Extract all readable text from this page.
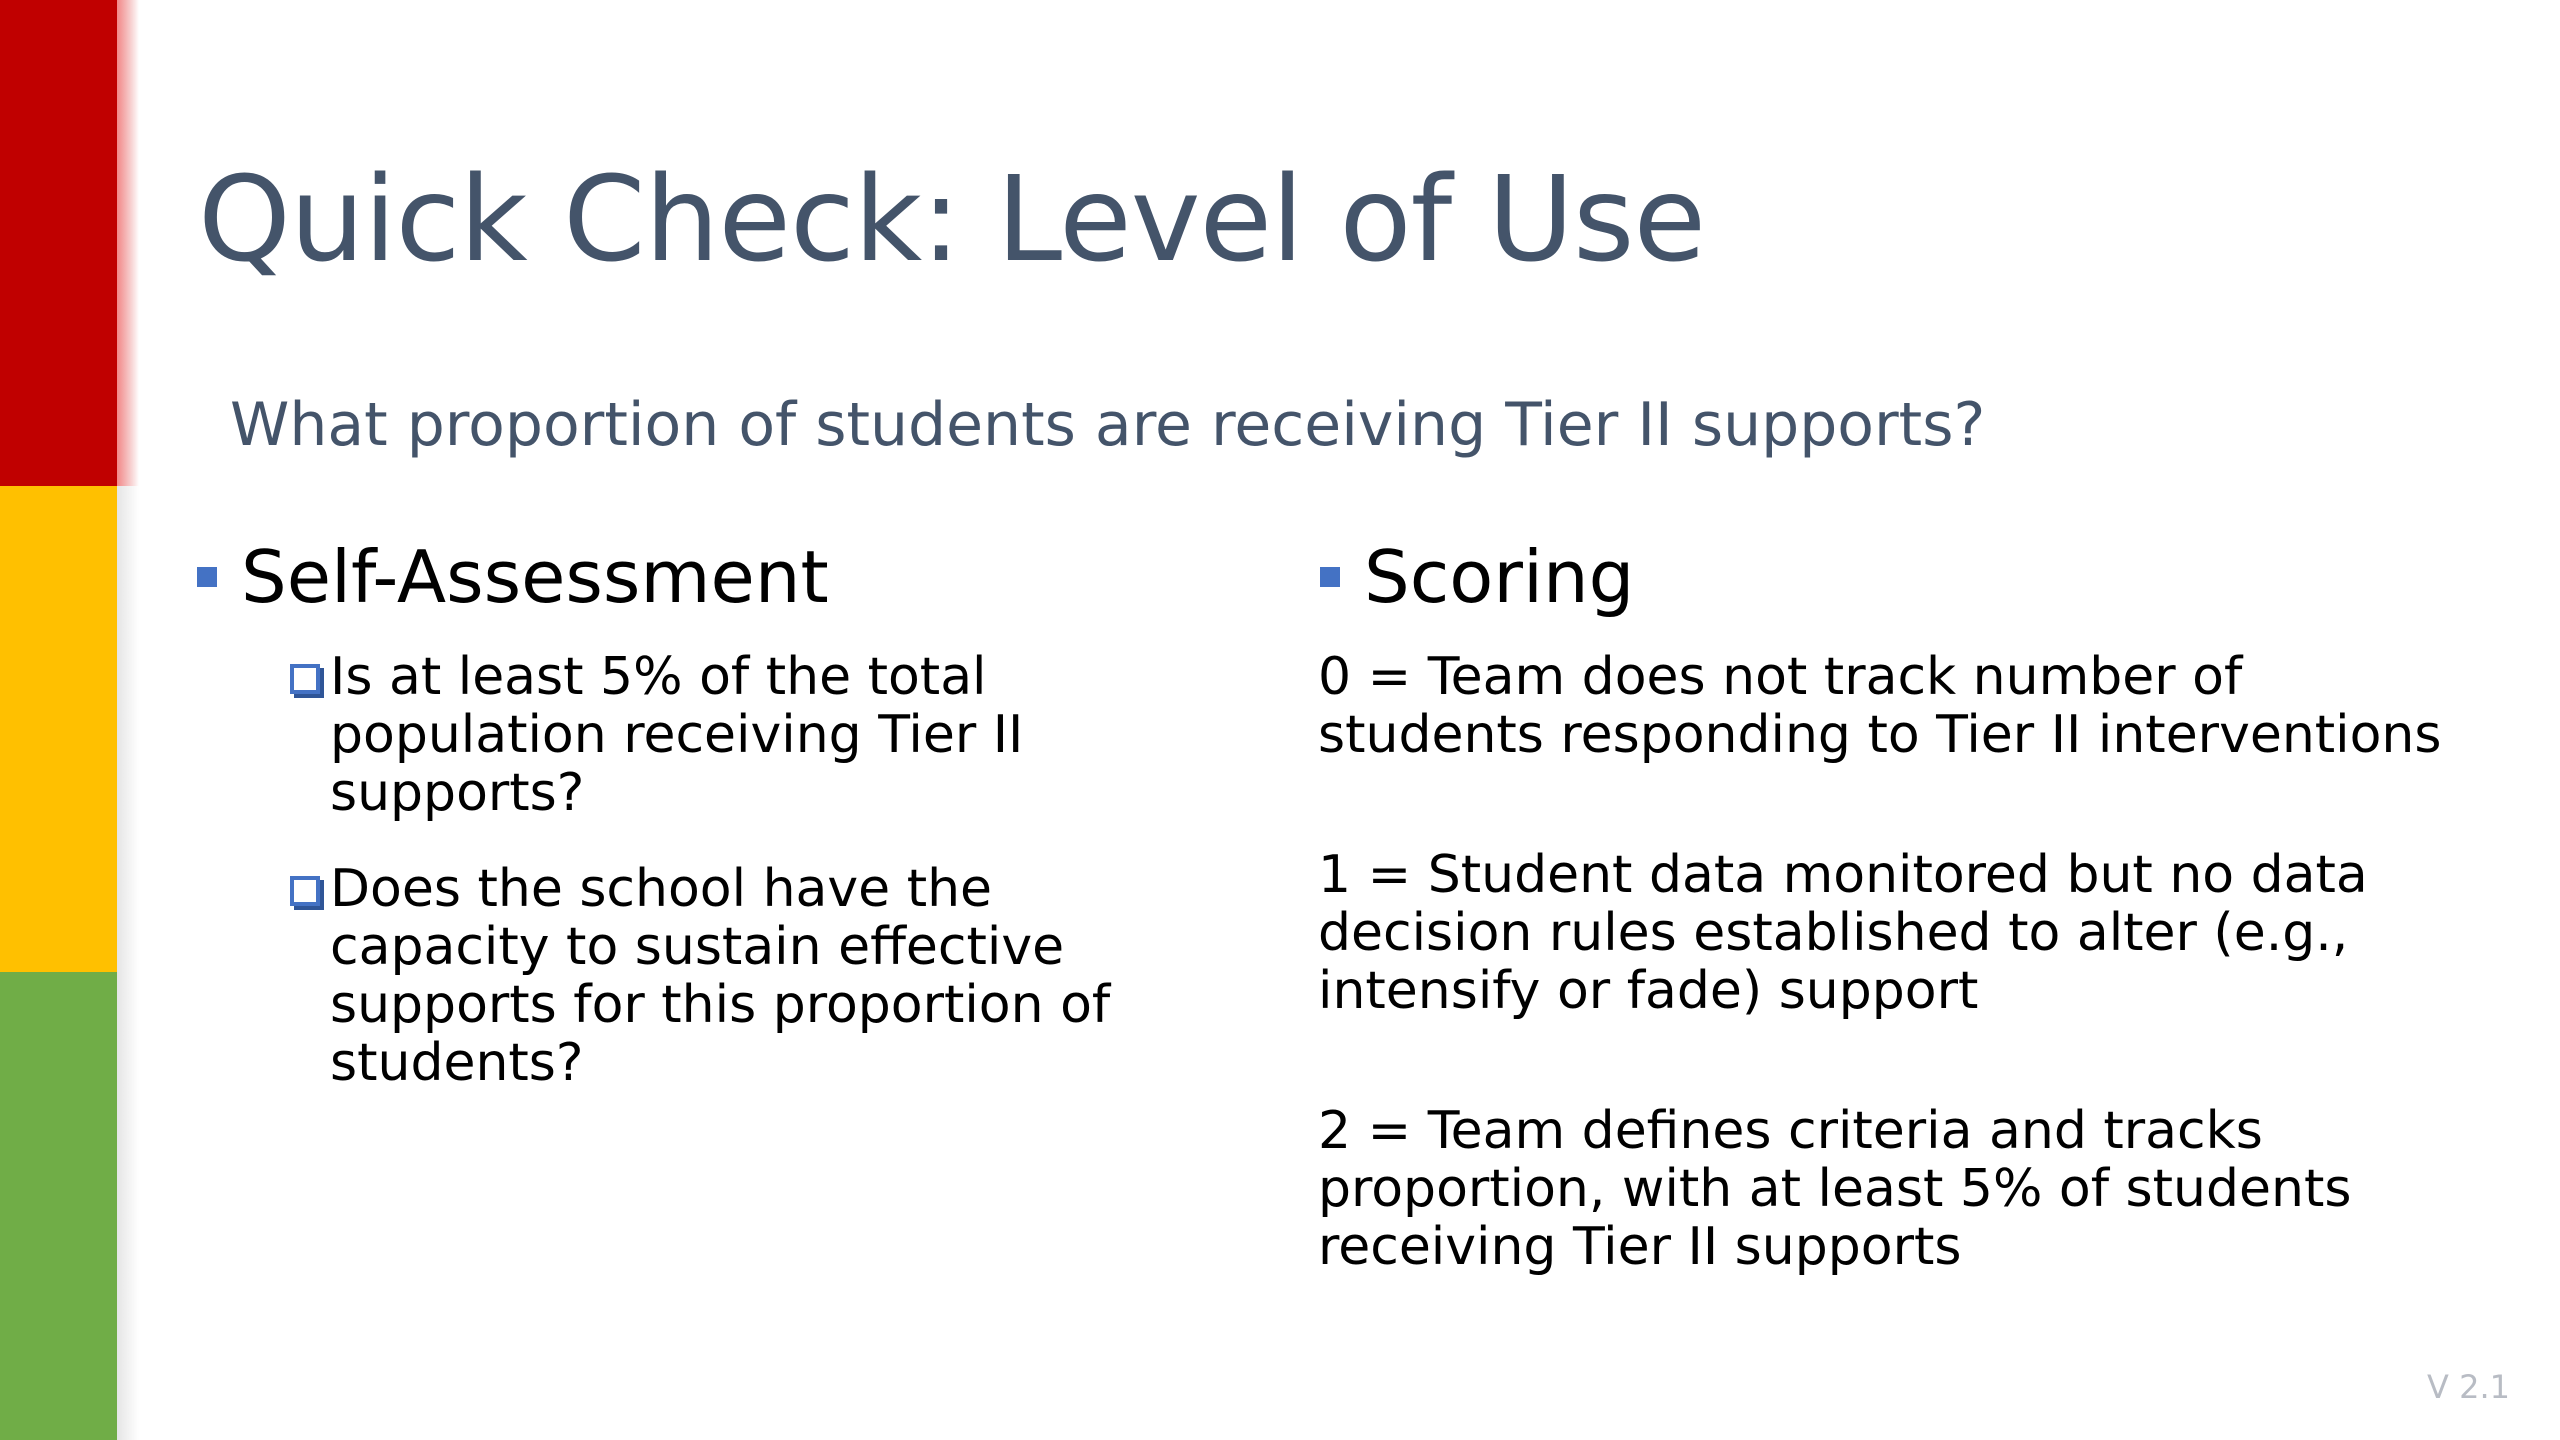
Quick Check: Level of Use
What proportion of students are receiving Tier II supports?
Self-Assessment
Is at least 5% of the total population receiving Tier II supports?
Does the school have the capacity to sustain effective supports for this proportion of students?
Scoring
0 = Team does not track number of students responding to Tier II interventions
1 = Student data monitored but no data decision rules established to alter (e.g., intensify or fade) support
2 = Team defines criteria and tracks proportion, with at least 5% of students receiving Tier II supports
V 2.1
